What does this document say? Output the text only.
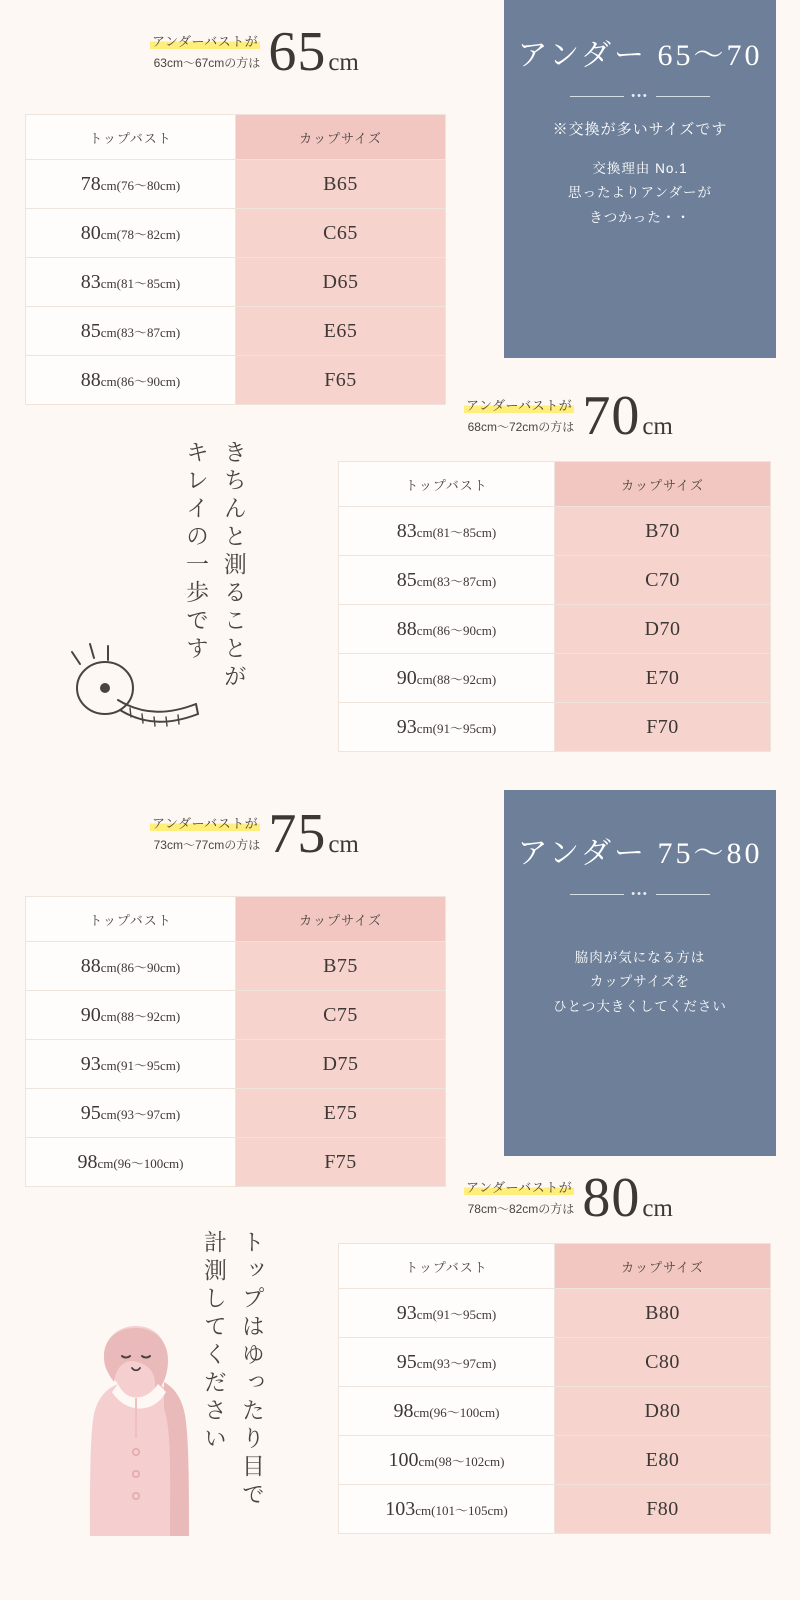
アンダーバストが
63cm〜67cmの方は 65cm
トップバスト	カップサイズ
78cm(76〜80cm)	B65
80cm(78〜82cm)	C65
83cm(81〜85cm)	D65
85cm(83〜87cm)	E65
88cm(86〜90cm)	F65
アンダー 65〜70
•••
※交換が多いサイズです
交換理由 No.1
思ったよりアンダーが
きつかった・・
アンダーバストが
68cm〜72cmの方は 70cm
トップバスト	カップサイズ
83cm(81〜85cm)	B70
85cm(83〜87cm)	C70
88cm(86〜90cm)	D70
90cm(88〜92cm)	E70
93cm(91〜95cm)	F70
きちんと測ることが
キレイの一歩です
アンダーバストが
73cm〜77cmの方は 75cm
トップバスト	カップサイズ
88cm(86〜90cm)	B75
90cm(88〜92cm)	C75
93cm(91〜95cm)	D75
95cm(93〜97cm)	E75
98cm(96〜100cm)	F75
アンダー 75〜80
•••
脇肉が気になる方は
カップサイズを
ひとつ大きくしてください
アンダーバストが
78cm〜82cmの方は 80cm
トップバスト	カップサイズ
93cm(91〜95cm)	B80
95cm(93〜97cm)	C80
98cm(96〜100cm)	D80
100cm(98〜102cm)	E80
103cm(101〜105cm)	F80
トップはゆったり目で
計測してください
